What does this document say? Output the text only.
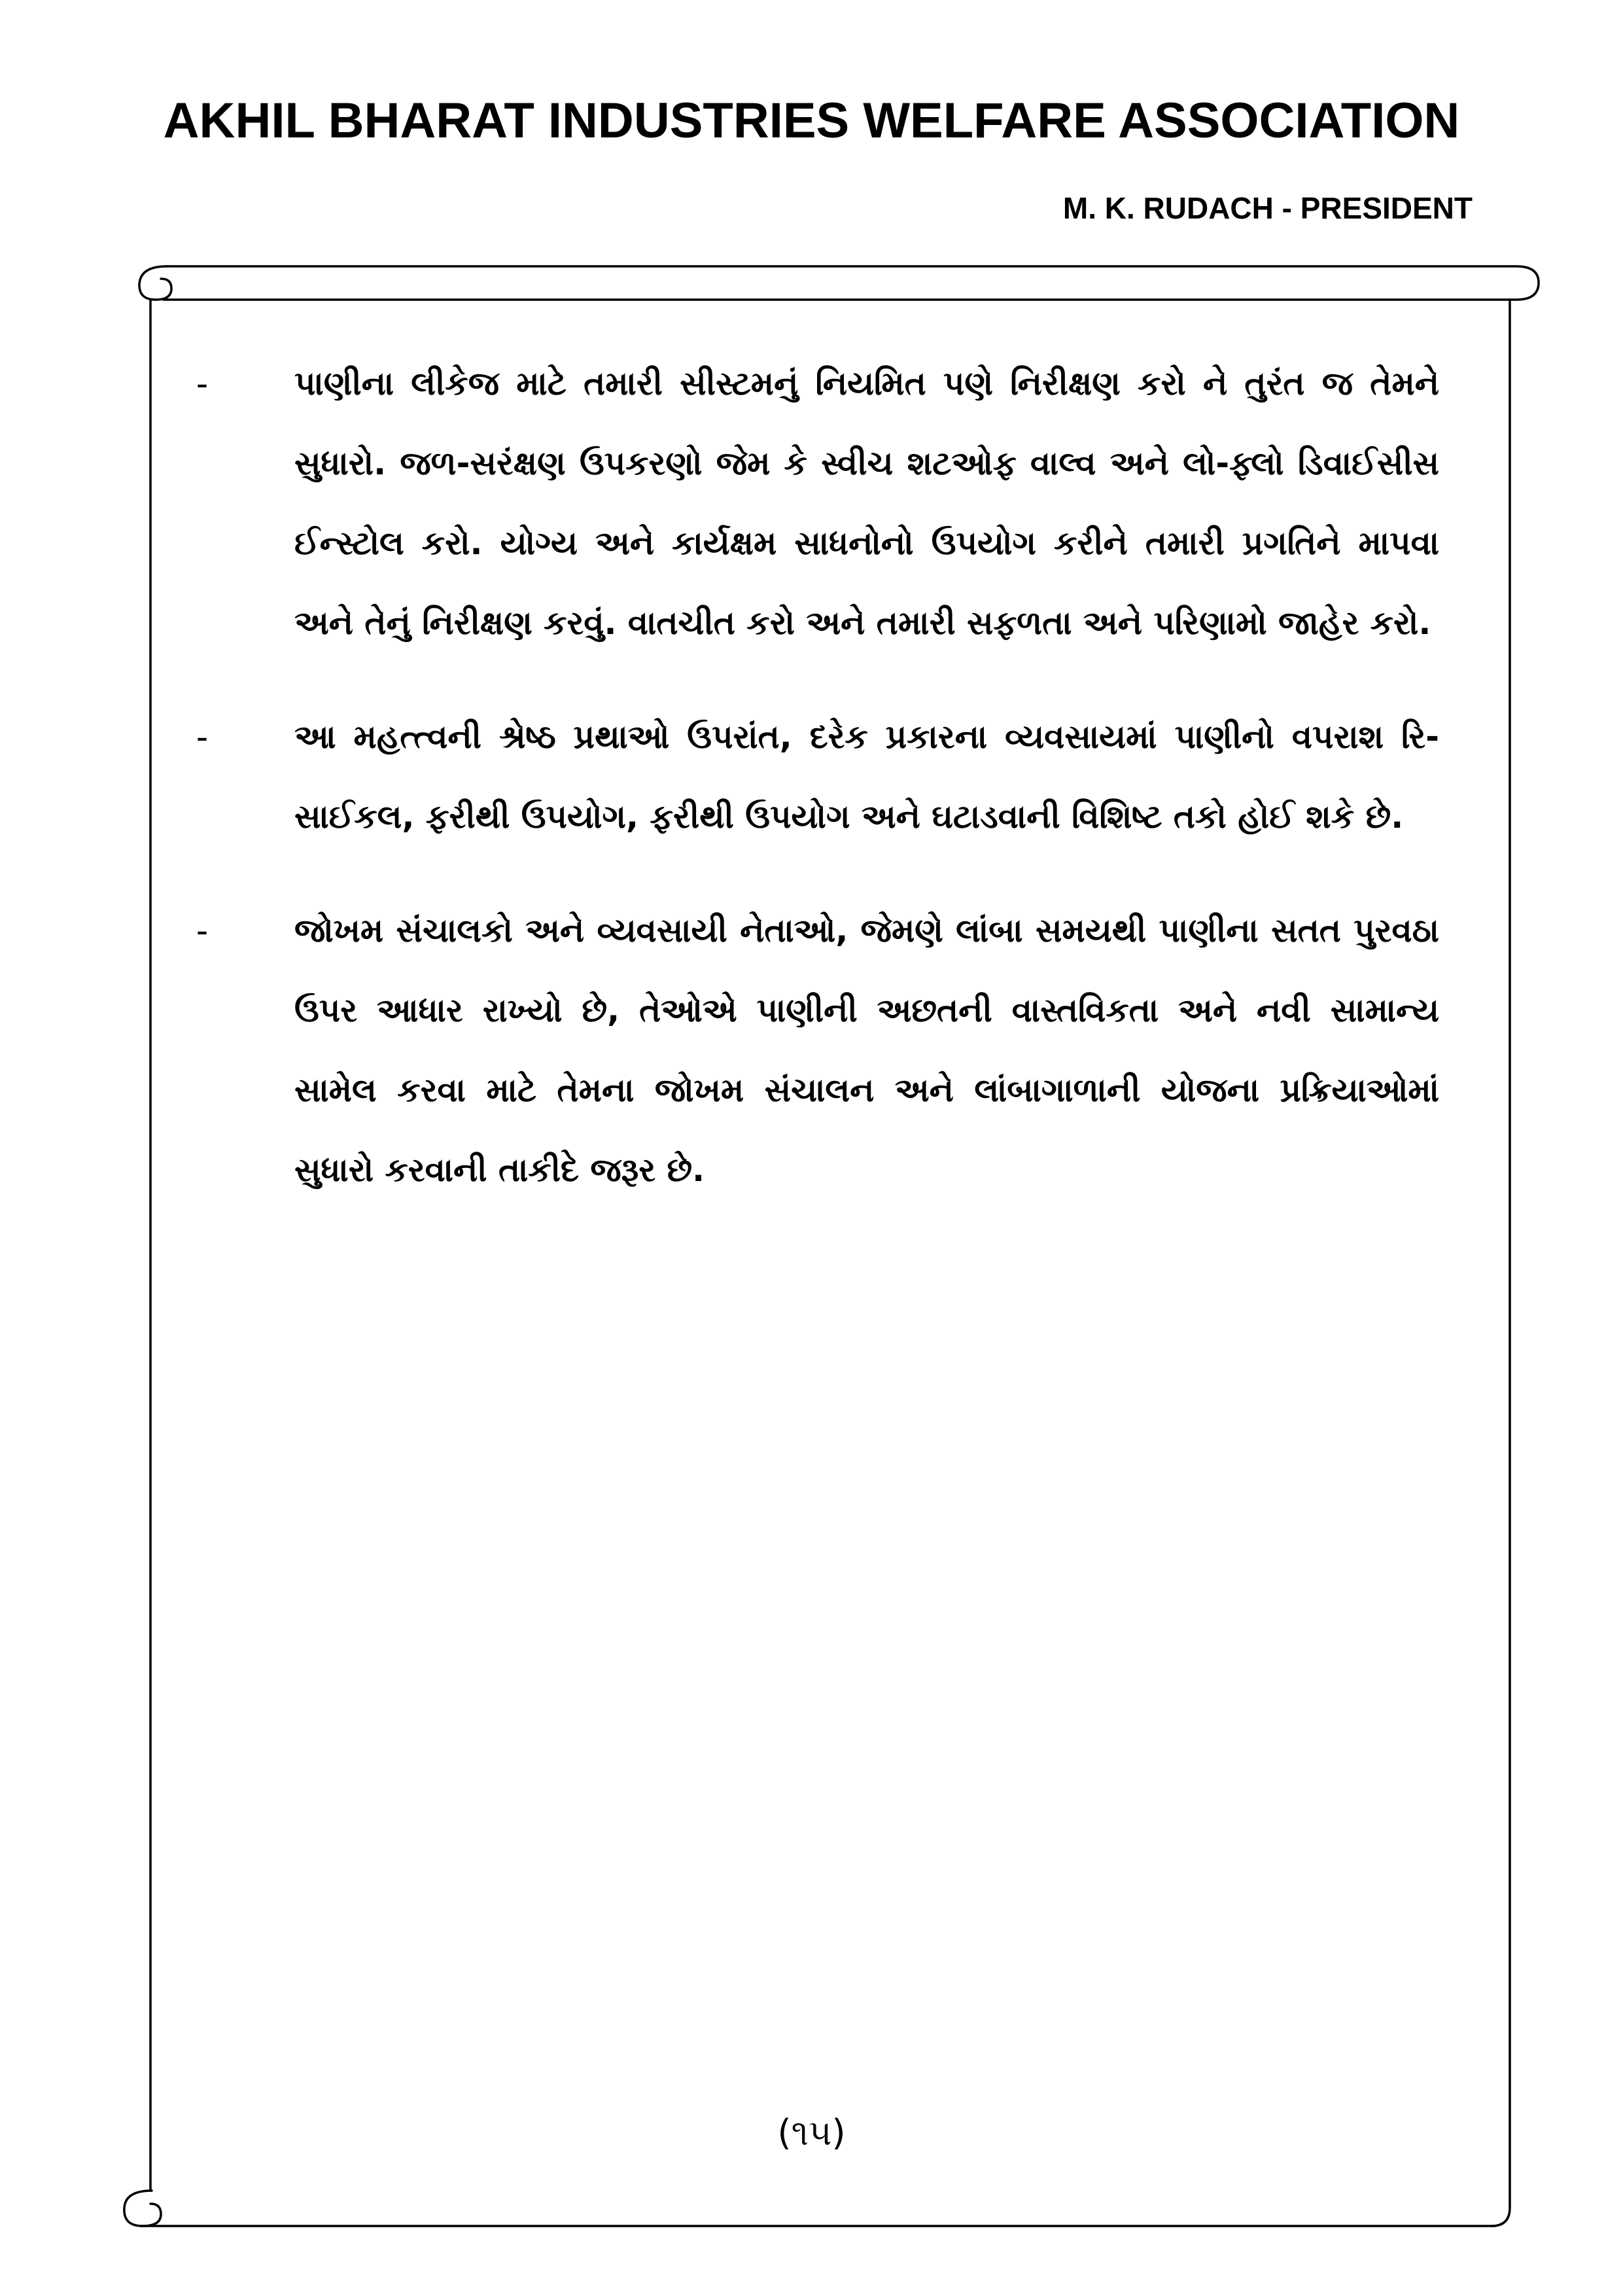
AKHIL BHARAT INDUSTRIES WELFARE ASSOCIATION
M. K. RUDACH - PRESIDENT
-	પાણીના લીકેજ માટે તમારી સીસ્ટમનું નિયમિત પણે નિરીક્ષણ કરો ને તુરંત જ તેમને સુધારો. જળ-સરંક્ષણ ઉપકરણો જેમ કે સ્વીચ શટઓફ વાલ્વ અને લો-ફ્લો ડિવાઈસીસ ઈન્સ્ટોલ કરો. યોગ્ય અને કાર્યક્ષમ સાધનોનો ઉપયોગ કરીને તમારી પ્રગતિને માપવા અને તેનું નિરીક્ષણ કરવું. વાતચીત કરો અને તમારી સફળતા અને પરિણામો જાહેર કરો.
-	આ મહત્ત્વની શ્રેષ્ઠ પ્રથાઓ ઉપરાંત, દરેક પ્રકારના વ્યવસાયમાં પાણીનો વપરાશ રિ-સાઈકલ, ફરીથી ઉપયોગ, ફરીથી ઉપયોગ અને ઘટાડવાની વિશિષ્ટ તકો હોઈ શકે છે.
-	જોખમ સંચાલકો અને વ્યવસાયી નેતાઓ, જેમણે લાંબા સમયથી પાણીના સતત પુરવઠા ઉપર આધાર રાખ્યો છે, તેઓએ પાણીની અછતની વાસ્તવિકતા અને નવી સામાન્ય સામેલ કરવા માટે તેમના જોખમ સંચાલન અને લાંબાગાળાની યોજના પ્રક્રિયાઓમાં સુધારો કરવાની તાકીદે જરૂર છે.
(૧૫)
